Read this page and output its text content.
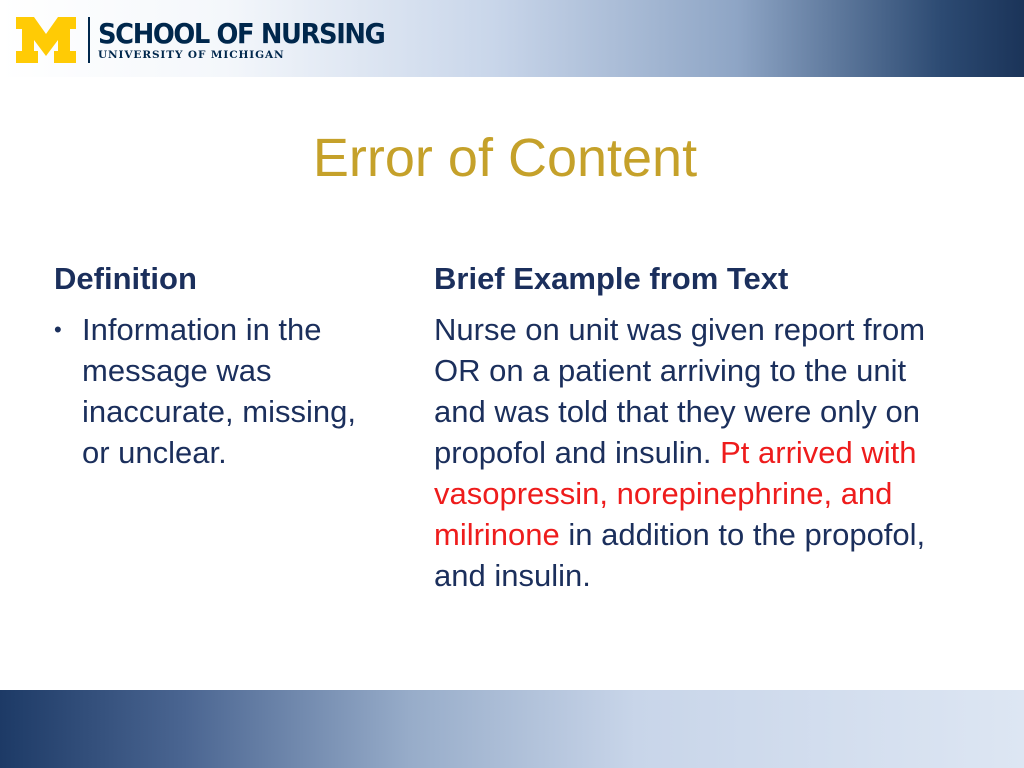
SCHOOL OF NURSING
UNIVERSITY OF MICHIGAN
Error of Content
Definition
• Information in the message was inaccurate, missing, or unclear.
Brief Example from Text

Nurse on unit was given report from OR on a patient arriving to the unit and was told that they were only on propofol and insulin. Pt arrived with vasopressin, norepinephrine, and milrinone in addition to the propofol, and insulin.
